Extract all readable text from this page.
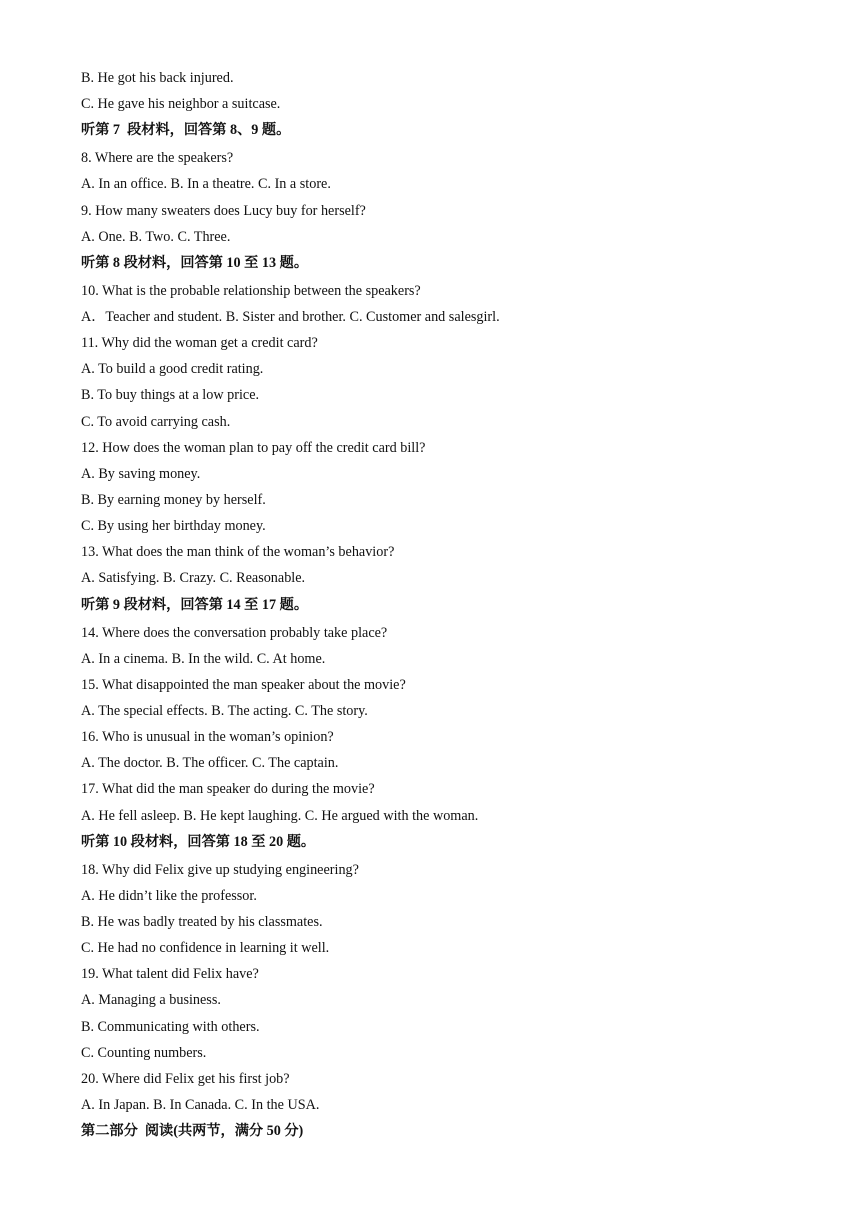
B. He got his back injured.
C. He gave his neighbor a suitcase.
听第 7  段材料，回答第 8、9 题。
8. Where are the speakers?
A. In an office. B. In a theatre. C. In a store.
9. How many sweaters does Lucy buy for herself?
A. One. B. Two. C. Three.
听第 8 段材料，回答第 10 至 13 题。
10. What is the probable relationship between the speakers?
A．Teacher and student. B. Sister and brother. C. Customer and salesgirl.
11. Why did the woman get a credit card?
A. To build a good credit rating.
B. To buy things at a low price.
C. To avoid carrying cash.
12. How does the woman plan to pay off the credit card bill?
A. By saving money.
B. By earning money by herself.
C. By using her birthday money.
13. What does the man think of the woman’s behavior?
A. Satisfying. B. Crazy. C. Reasonable.
听第 9 段材料，回答第 14 至 17 题。
14. Where does the conversation probably take place?
A. In a cinema. B. In the wild. C. At home.
15. What disappointed the man speaker about the movie?
A. The special effects. B. The acting. C. The story.
16. Who is unusual in the woman’s opinion?
A. The doctor. B. The officer. C. The captain.
17. What did the man speaker do during the movie?
A. He fell asleep. B. He kept laughing. C. He argued with the woman.
听第 10 段材料，回答第 18 至 20 题。
18. Why did Felix give up studying engineering?
A. He didn’t like the professor.
B. He was badly treated by his classmates.
C. He had no confidence in learning it well.
19. What talent did Felix have?
A. Managing a business.
B. Communicating with others.
C. Counting numbers.
20. Where did Felix get his first job?
A. In Japan. B. In Canada. C. In the USA.
第二部分  阅读(共两节，满分 50 分)
